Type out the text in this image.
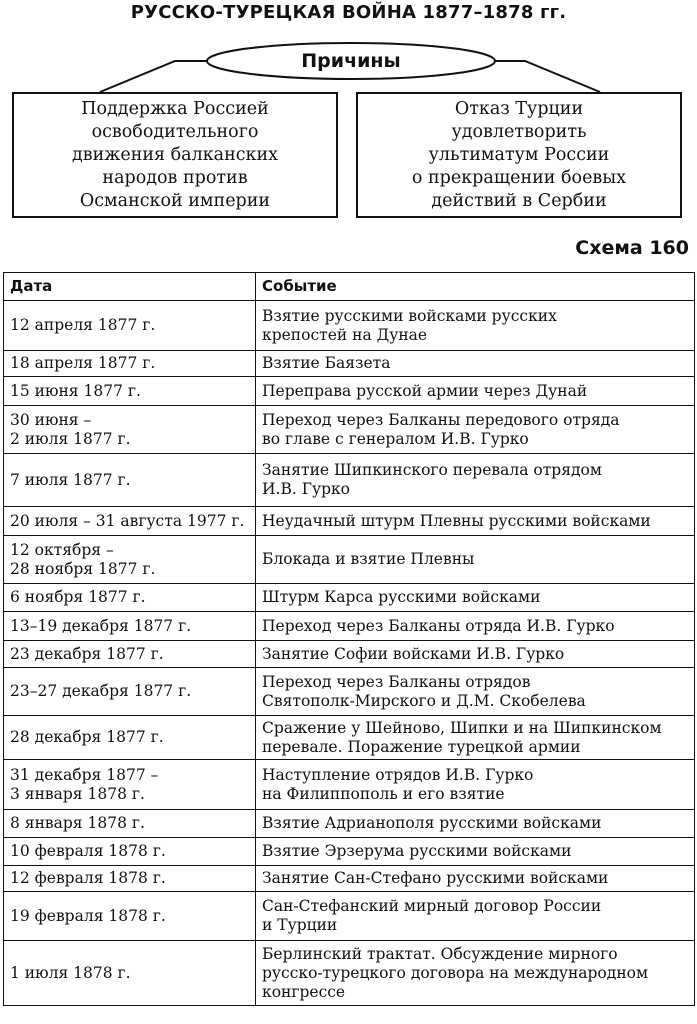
РУССКО-ТУРЕЦКАЯ ВОЙНА 1877–1878 гг.
Причины
Поддержка Россией
освободительного
движения балканских
народов против
Османской империи
Отказ Турции
удовлетворить
ультиматум России
о прекращении боевых
действий в Сербии
Схема 160
Дата	Событие
12 апреля 1877 г.	Взятие русскими войсками русских
крепостей на Дунае
18 апреля 1877 г.	Взятие Баязета
15 июня 1877 г.	Переправа русской армии через Дунай
30 июня –
2 июля 1877 г.	Переход через Балканы передового отряда
во главе с генералом И.В. Гурко
7 июля 1877 г.	Занятие Шипкинского перевала отрядом
И.В. Гурко
20 июля – 31 августа 1977 г.	Неудачный штурм Плевны русскими войсками
12 октября –
28 ноября 1877 г.	Блокада и взятие Плевны
6 ноября 1877 г.	Штурм Карса русскими войсками
13–19 декабря 1877 г.	Переход через Балканы отряда И.В. Гурко
23 декабря 1877 г.	Занятие Софии войсками И.В. Гурко
23–27 декабря 1877 г.	Переход через Балканы отрядов
Святополк-Мирского и Д.М. Скобелева
28 декабря 1877 г.	Сражение у Шейново, Шипки и на Шипкинском
перевале. Поражение турецкой армии
31 декабря 1877 –
3 января 1878 г.	Наступление отрядов И.В. Гурко
на Филиппополь и его взятие
8 января 1878 г.	Взятие Адрианополя русскими войсками
10 февраля 1878 г.	Взятие Эрзерума русскими войсками
12 февраля 1878 г.	Занятие Сан-Стефано русскими войсками
19 февраля 1878 г.	Сан-Стефанский мирный договор России
и Турции
1 июля 1878 г.	Берлинский трактат. Обсуждение мирного
русско-турецкого договора на международном
конгрессе
